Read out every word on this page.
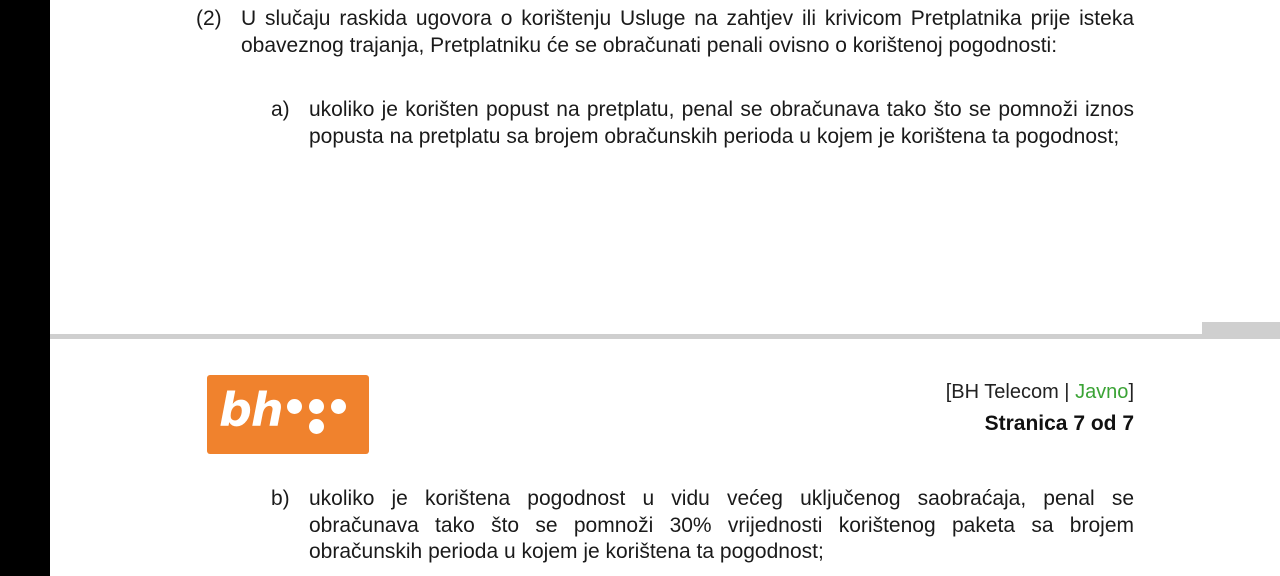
(2) U slučaju raskida ugovora o korištenju Usluge na zahtjev ili krivicom Pretplatnika prije isteka obaveznog trajanja, Pretplatniku će se obračunati penali ovisno o korištenoj pogodnosti:
a) ukoliko je korišten popust na pretplatu, penal se obračunava tako što se pomnoži iznos popusta na pretplatu sa brojem obračunskih perioda u kojem je korištena ta pogodnost;
bh	[BH Telecom | Javno]
Stranica 7 od 7
b) ukoliko je korištena pogodnost u vidu većeg uključenog saobraćaja, penal se obračunava tako što se pomnoži 30% vrijednosti korištenog paketa sa brojem obračunskih perioda u kojem je korištena ta pogodnost;
